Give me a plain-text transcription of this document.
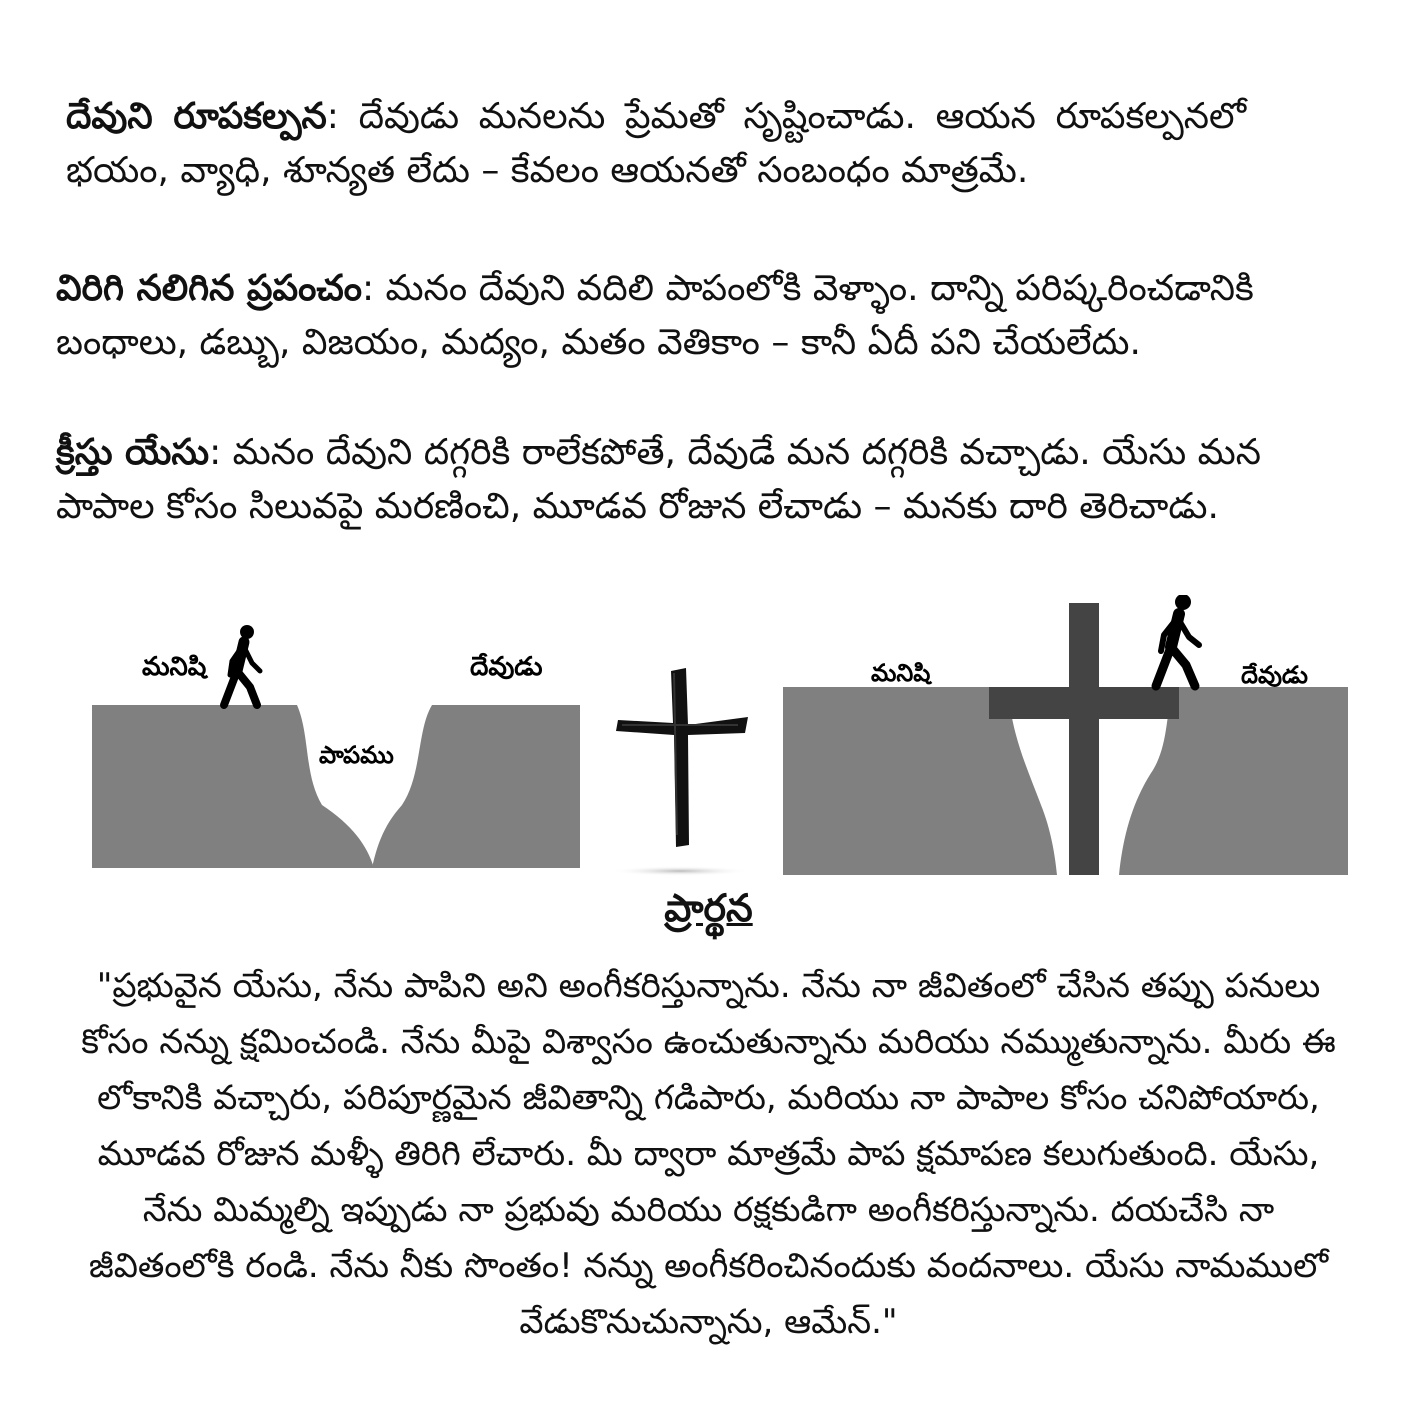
దేవుని రూపకల్పన: దేవుడు మనలను ప్రేమతో సృష్టించాడు. ఆయన రూపకల్పనలో భయం, వ్యాధి, శూన్యత లేదు – కేవలం ఆయనతో సంబంధం మాత్రమే.

విరిగి నలిగిన ప్రపంచం: మనం దేవుని వదిలి పాపంలోకి వెళ్ళాం. దాన్ని పరిష్కరించడానికి బంధాలు, డబ్బు, విజయం, మద్యం, మతం వెతికాం – కానీ ఏదీ పని చేయలేదు.

క్రీస్తు యేసు: మనం దేవుని దగ్గరికి రాలేకపోతే, దేవుడే మన దగ్గరికి వచ్చాడు. యేసు మన పాపాల కోసం సిలువపై మరణించి, మూడవ రోజున లేచాడు – మనకు దారి తెరిచాడు.

మనిషి	దేవుడు
పాపము
మనిషి	దేవుడు
ప్రార్థన

"ప్రభువైన యేసు, నేను పాపిని అని అంగీకరిస్తున్నాను. నేను నా జీవితంలో చేసిన తప్పు పనులు కోసం నన్ను క్షమించండి. నేను మీపై విశ్వాసం ఉంచుతున్నాను మరియు నమ్ముతున్నాను. మీరు ఈ లోకానికి వచ్చారు, పరిపూర్ణమైన జీవితాన్ని గడిపారు, మరియు నా పాపాల కోసం చనిపోయారు, మూడవ రోజున మళ్ళీ తిరిగి లేచారు. మీ ద్వారా మాత్రమే పాప క్షమాపణ కలుగుతుంది. యేసు, నేను మిమ్మల్ని ఇప్పుడు నా ప్రభువు మరియు రక్షకుడిగా అంగీకరిస్తున్నాను. దయచేసి నా జీవితంలోకి రండి. నేను నీకు సొంతం! నన్ను అంగీకరించినందుకు వందనాలు. యేసు నామములో వేడుకొనుచున్నాను, ఆమేన్."
